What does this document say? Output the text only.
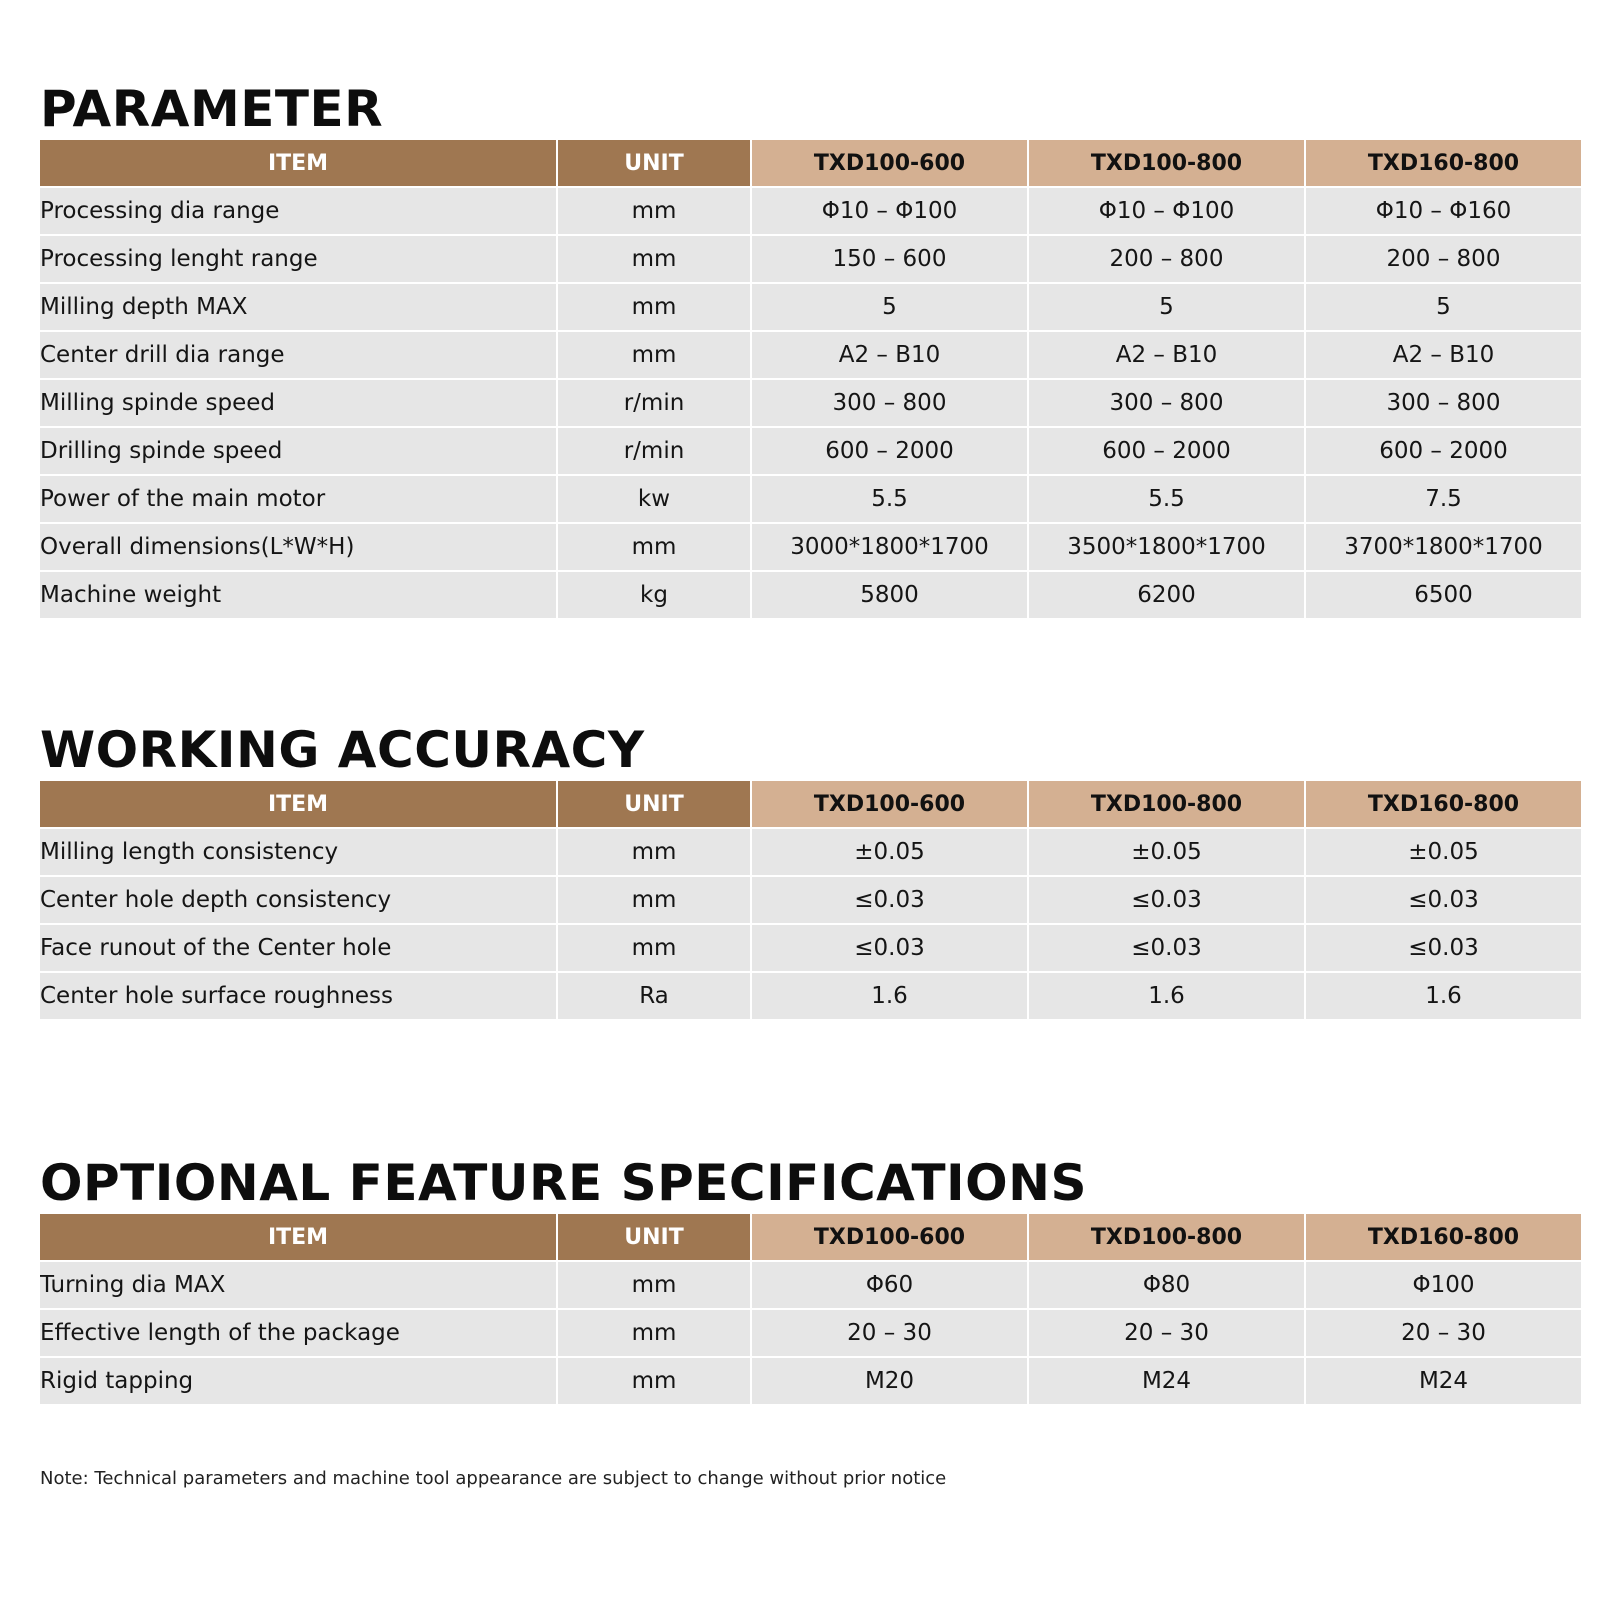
PARAMETER
ITEM	UNIT	TXD100-600	TXD100-800	TXD160-800
Processing dia range	mm	Φ10 – Φ100	Φ10 – Φ100	Φ10 – Φ160
Processing lenght range	mm	150 – 600	200 – 800	200 – 800
Milling depth MAX	mm	5	5	5
Center drill dia range	mm	A2 – B10	A2 – B10	A2 – B10
Milling spinde speed	r/min	300 – 800	300 – 800	300 – 800
Drilling spinde speed	r/min	600 – 2000	600 – 2000	600 – 2000
Power of the main motor	kw	5.5	5.5	7.5
Overall dimensions(L*W*H)	mm	3000*1800*1700	3500*1800*1700	3700*1800*1700
Machine weight	kg	5800	6200	6500
WORKING ACCURACY
ITEM	UNIT	TXD100-600	TXD100-800	TXD160-800
Milling length consistency	mm	±0.05	±0.05	±0.05
Center hole depth consistency	mm	≤0.03	≤0.03	≤0.03
Face runout of the Center hole	mm	≤0.03	≤0.03	≤0.03
Center hole surface roughness	Ra	1.6	1.6	1.6
OPTIONAL FEATURE SPECIFICATIONS
ITEM	UNIT	TXD100-600	TXD100-800	TXD160-800
Turning dia MAX	mm	Φ60	Φ80	Φ100
Effective length of the package	mm	20 – 30	20 – 30	20 – 30
Rigid tapping	mm	M20	M24	M24

Note: Technical parameters and machine tool appearance are subject to change without prior notice
